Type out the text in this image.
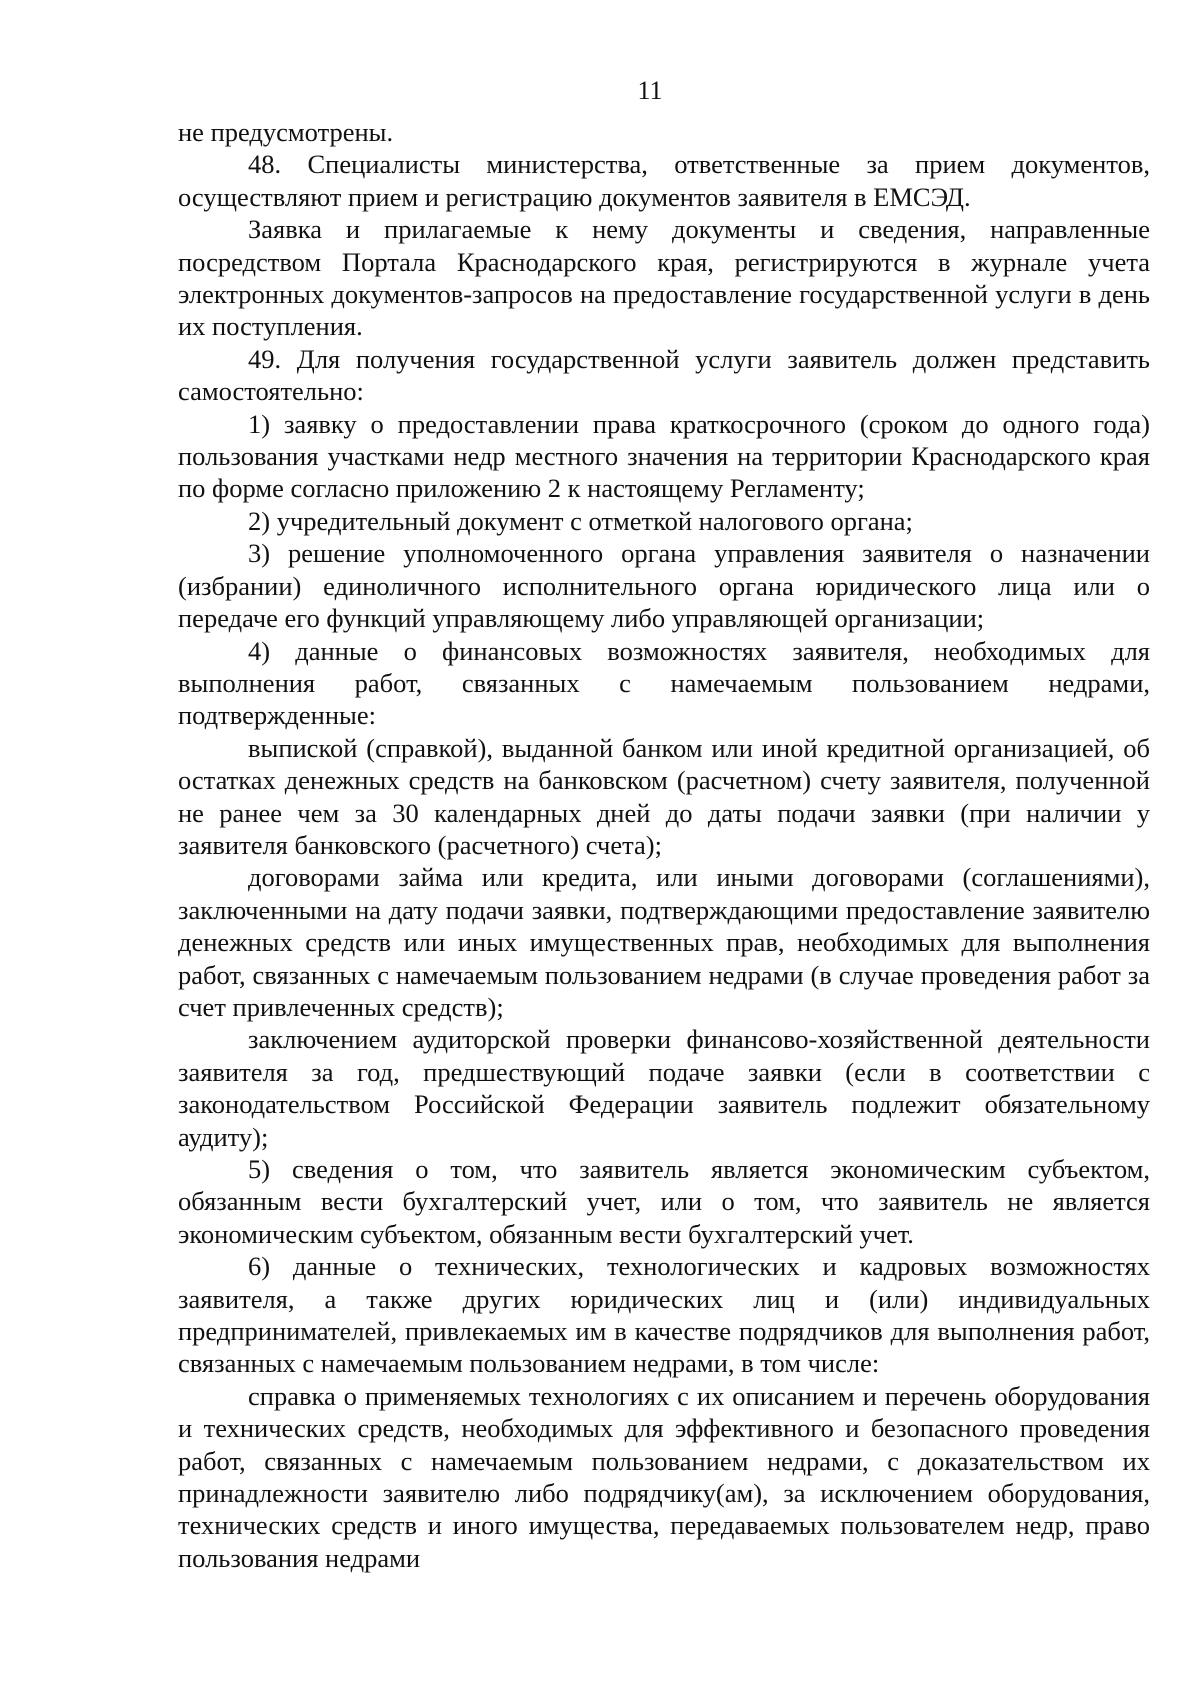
11

не предусмотрены.

48. Специалисты министерства, ответственные за прием документов, осуществляют прием и регистрацию документов заявителя в ЕМСЭД.

Заявка и прилагаемые к нему документы и сведения, направленные посредством Портала Краснодарского края, регистрируются в журнале учета электронных документов-запросов на предоставление государственной услуги в день их поступления.

49. Для получения государственной услуги заявитель должен представить самостоятельно:

1) заявку о предоставлении права краткосрочного (сроком до одного года) пользования участками недр местного значения на территории Краснодарского края по форме согласно приложению 2 к настоящему Регламенту;

2) учредительный документ с отметкой налогового органа;

3) решение уполномоченного органа управления заявителя о назначении (избрании) единоличного исполнительного органа юридического лица или о передаче его функций управляющему либо управляющей организации;

4) данные о финансовых возможностях заявителя, необходимых для выполнения работ, связанных с намечаемым пользованием недрами, подтвержденные:

выпиской (справкой), выданной банком или иной кредитной организацией, об остатках денежных средств на банковском (расчетном) счету заявителя, полученной не ранее чем за 30 календарных дней до даты подачи заявки (при наличии у заявителя банковского (расчетного) счета);

договорами займа или кредита, или иными договорами (соглашениями), заключенными на дату подачи заявки, подтверждающими предоставление заявителю денежных средств или иных имущественных прав, необходимых для выполнения работ, связанных с намечаемым пользованием недрами (в случае проведения работ за счет привлеченных средств);

заключением аудиторской проверки финансово-хозяйственной деятельности заявителя за год, предшествующий подаче заявки (если в соответствии с законодательством Российской Федерации заявитель подлежит обязательному аудиту);

5) сведения о том, что заявитель является экономическим субъектом, обязанным вести бухгалтерский учет, или о том, что заявитель не является экономическим субъектом, обязанным вести бухгалтерский учет.

6) данные о технических, технологических и кадровых возможностях заявителя, а также других юридических лиц и (или) индивидуальных предпринимателей, привлекаемых им в качестве подрядчиков для выполнения работ, связанных с намечаемым пользованием недрами, в том числе:

справка о применяемых технологиях с их описанием и перечень оборудования и технических средств, необходимых для эффективного и безопасного проведения работ, связанных с намечаемым пользованием недрами, с доказательством их принадлежности заявителю либо подрядчику(ам), за исключением оборудования, технических средств и иного имущества, передаваемых пользователем недр, право пользования недрами
